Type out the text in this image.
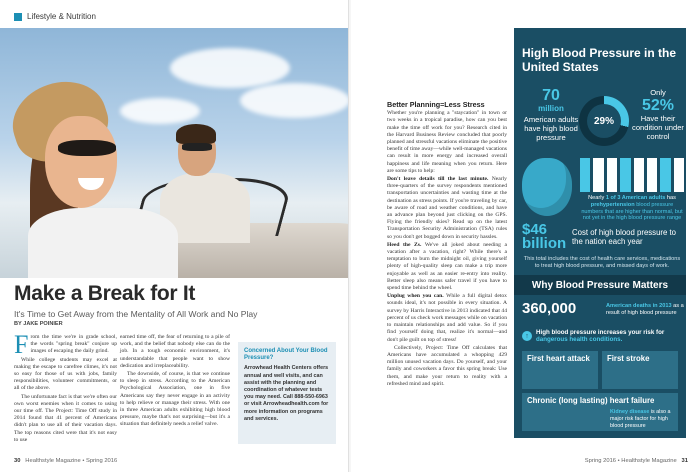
Lifestyle & Nutrition
Make a Break for It
It's Time to Get Away from the Mentality of All Work and No Play
BY JAKE POINIER

From the time we're in grade school, the words "spring break" conjure up images of escaping the daily grind.

While college students may excel at making the escape to carefree climes, it's not so easy for those of us with jobs, family responsibilities, volunteer commitments, or all of the above.

The unfortunate fact is that we're often our own worst enemies when it comes to using our time off. The Project: Time Off study in 2014 found that 41 percent of Americans didn't plan to use all of their vacation days. The top reasons cited were that it's not easy to use

earned time off, the fear of returning to a pile of work, and the belief that nobody else can do the job. In a tough economic environment, it's understandable that people want to show dedication and irreplaceability.

The downside, of course, is that we continue to sleep in stress. According to the American Psychological Association, one in five Americans say they never engage in an activity to help relieve or manage their stress. With one in three American adults exhibiting high blood pressure, maybe that's not surprising—but it's a situation that definitely needs a relief valve.

Concerned About Your Blood Pressure?
Arrowhead Health Centers offers annual and well visits, and can assist with the planning and coordination of whatever tests you may need. Call 888-550-6963 or visit Arrowheadhealth.com for more information on programs and services.
30 Healthstyle Magazine • Spring 2016
Better Planning=Less Stress

Whether you're planning a "staycation" in town or two weeks in a tropical paradise, how can you best make the time off work for you? Research cited in the Harvard Business Review concluded that poorly planned and stressful vacations eliminate the positive benefit of time away—while well-managed vacations can result in more energy and increased overall happiness and life meaning when you return. Here are some tips to help:

Don't leave details till the last minute. Nearly three-quarters of the survey respondents mentioned transportation uncertainties and wasting time at the destination as stress points. If you're traveling by car, be aware of road and weather conditions, and have an advance plan beyond just clicking on the GPS. Flying the friendly skies? Read up on the latest Transportation Security Administration (TSA) rules so you don't get bogged down in security hassles.

Heed the Zs. We've all joked about needing a vacation after a vacation, right? While there's a temptation to burn the midnight oil, giving yourself plenty of high-quality sleep can make a trip more enjoyable as well as an easier re-entry into reality. Better sleep also means safer travel if you have to spend time behind the wheel.

Unplug when you can. While a full digital detox sounds ideal, it's not possible in every situation. A survey by Harris Interactive in 2013 indicated that 44 percent of us check work messages while on vacation to maintain relationships and add value. So if you find yourself doing that, realize it's normal—and don't pile guilt on top of stress!

Collectively, Project: Time Off calculates that Americans have accumulated a whopping 429 million unused vacation days. Do yourself, and your family and coworkers a favor this spring break: Use them, and make your return to reality with a refreshed mind and spirit.

High Blood Pressure in the United States
70
million
American adults have high blood pressure
29%
Only
52%
Have their condition under control
Nearly 1 of 3 American adults has prehypertension blood pressure numbers that are higher than normal, but not yet in the high blood pressure range
$46 billion
Cost of high blood pressure to the nation each year
This total includes the cost of health care services, medications to treat high blood pressure, and missed days of work.
Why Blood Pressure Matters
360,000	American deaths in 2013 as a result of high blood pressure
↑
High blood pressure increases your risk for
dangerous health conditions.
First heart attack	First stroke
Chronic (long lasting) heart failure
Kidney disease is also a major risk factor for high blood pressure
Spring 2016 • Healthstyle Magazine 31
